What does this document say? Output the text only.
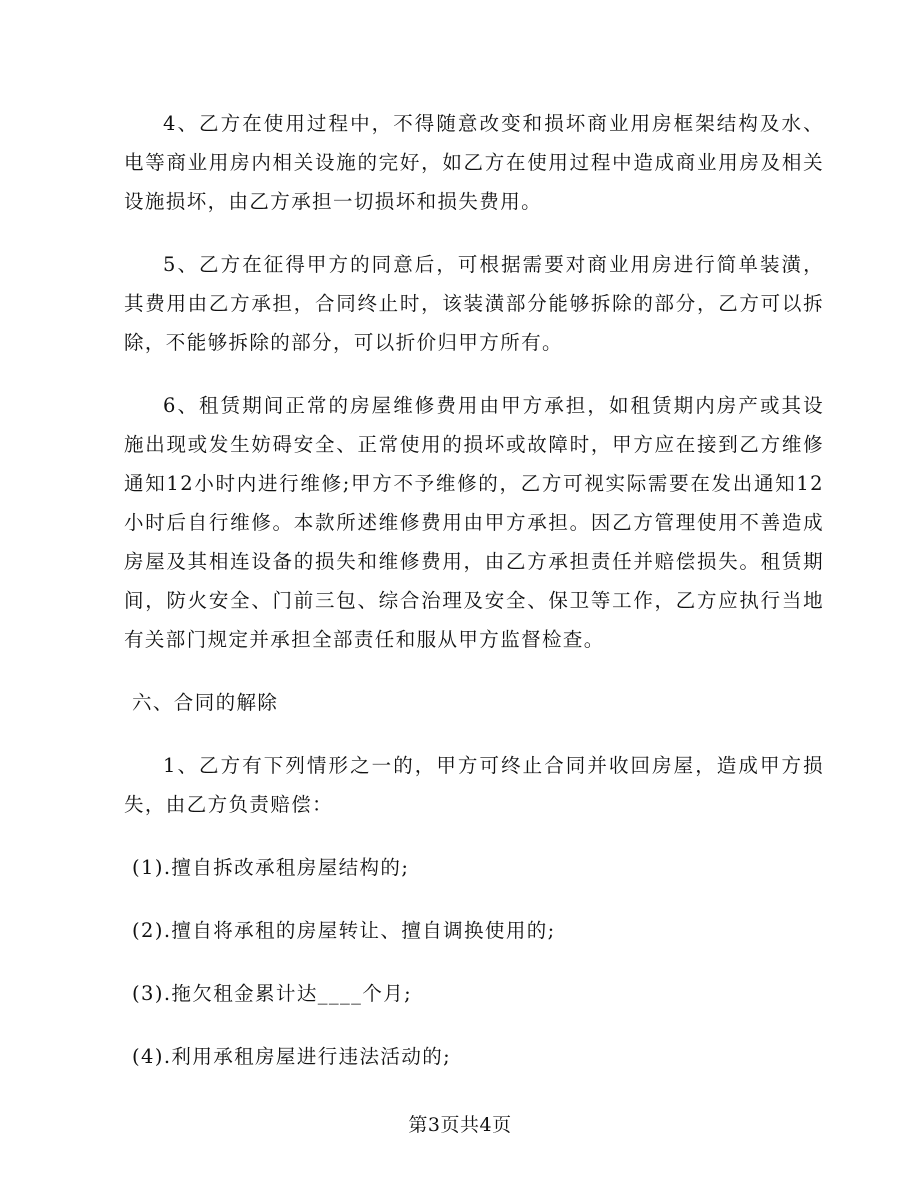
4、乙方在使用过程中，不得随意改变和损坏商业用房框架结构及水、电等商业用房内相关设施的完好，如乙方在使用过程中造成商业用房及相关设施损坏，由乙方承担一切损坏和损失费用。

5、乙方在征得甲方的同意后，可根据需要对商业用房进行简单装潢，其费用由乙方承担，合同终止时，该装潢部分能够拆除的部分，乙方可以拆除，不能够拆除的部分，可以折价归甲方所有。

6、租赁期间正常的房屋维修费用由甲方承担，如租赁期内房产或其设施出现或发生妨碍安全、正常使用的损坏或故障时，甲方应在接到乙方维修通知12小时内进行维修;甲方不予维修的，乙方可视实际需要在发出通知12小时后自行维修。本款所述维修费用由甲方承担。因乙方管理使用不善造成房屋及其相连设备的损失和维修费用，由乙方承担责任并赔偿损失。租赁期间，防火安全、门前三包、综合治理及安全、保卫等工作，乙方应执行当地有关部门规定并承担全部责任和服从甲方监督检查。

六、合同的解除

1、乙方有下列情形之一的，甲方可终止合同并收回房屋，造成甲方损失，由乙方负责赔偿：

(1).擅自拆改承租房屋结构的;

(2).擅自将承租的房屋转让、擅自调换使用的;

(3).拖欠租金累计达____个月;

(4).利用承租房屋进行违法活动的;

第3页共4页
